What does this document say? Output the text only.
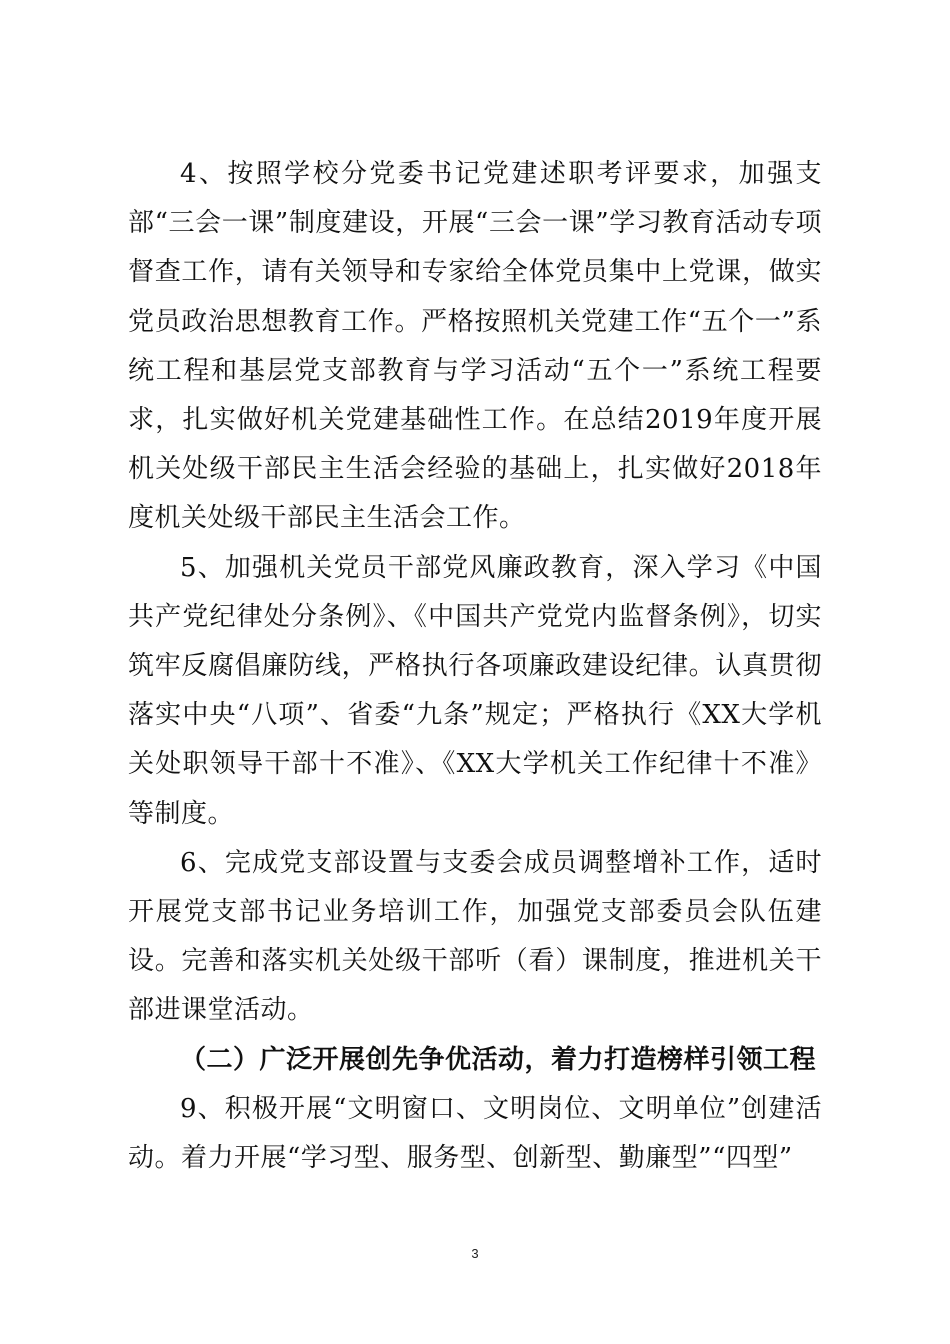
4、按照学校分党委书记党建述职考评要求，加强支部“三会一课”制度建设，开展“三会一课”学习教育活动专项督查工作，请有关领导和专家给全体党员集中上党课，做实党员政治思想教育工作。严格按照机关党建工作“五个一”系统工程和基层党支部教育与学习活动“五个一”系统工程要求，扎实做好机关党建基础性工作。在总结2019年度开展机关处级干部民主生活会经验的基础上，扎实做好2018年度机关处级干部民主生活会工作。

5、加强机关党员干部党风廉政教育，深入学习《中国共产党纪律处分条例》、《中国共产党党内监督条例》，切实筑牢反腐倡廉防线，严格执行各项廉政建设纪律。认真贯彻落实中央“八项”、省委“九条”规定；严格执行《XX大学机关处职领导干部十不准》、《XX大学机关工作纪律十不准》等制度。

6、完成党支部设置与支委会成员调整增补工作，适时开展党支部书记业务培训工作，加强党支部委员会队伍建设。完善和落实机关处级干部听（看）课制度，推进机关干部进课堂活动。

（二）广泛开展创先争优活动，着力打造榜样引领工程

9、积极开展“文明窗口、文明岗位、文明单位”创建活动。着力开展“学习型、服务型、创新型、勤廉型”“四型”

3
